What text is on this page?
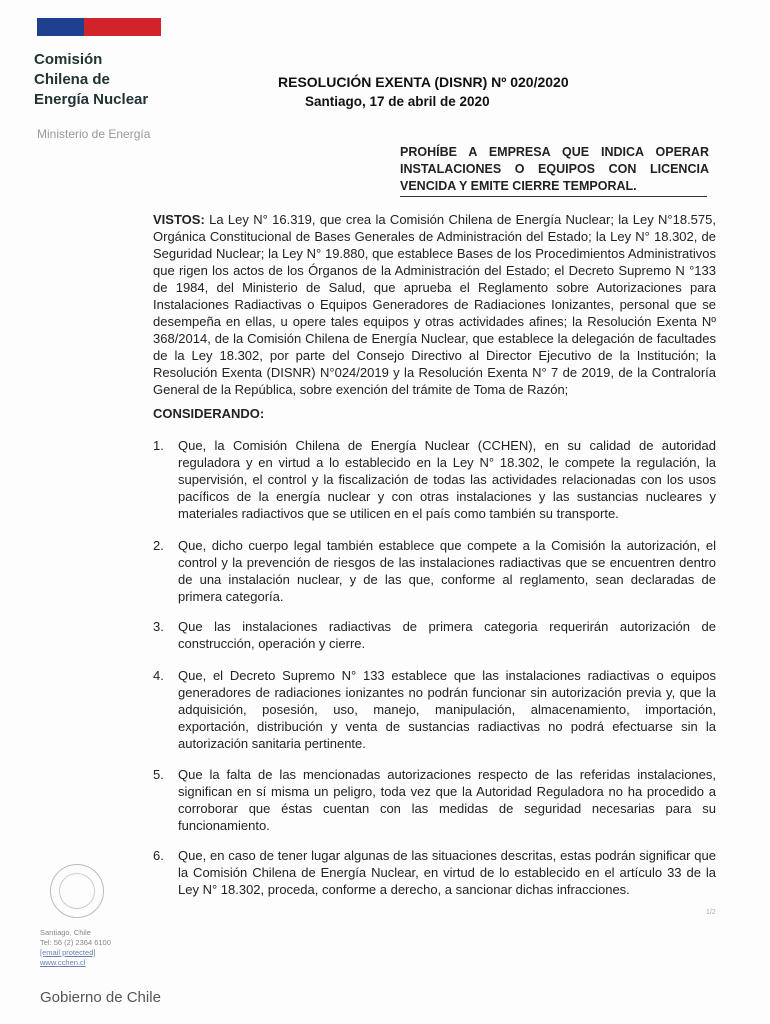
Comisión
Chilena de
Energía Nuclear
Ministerio de Energía
RESOLUCIÓN EXENTA (DISNR) Nº 020/2020
Santiago, 17 de abril de 2020
PROHÍBE A EMPRESA QUE INDICA OPERAR
INSTALACIONES O EQUIPOS CON LICENCIA
VENCIDA Y EMITE CIERRE TEMPORAL.
VISTOS: La Ley N° 16.319, que crea la Comisión Chilena de Energía Nuclear; la Ley N°18.575, Orgánica Constitucional de Bases Generales de Administración del Estado; la Ley N° 18.302, de Seguridad Nuclear; la Ley N° 19.880, que establece Bases de los Procedimientos Administrativos que rigen los actos de los Órganos de la Administración del Estado; el Decreto Supremo N °133 de 1984, del Ministerio de Salud, que aprueba el Reglamento sobre Autorizaciones para Instalaciones Radiactivas o Equipos Generadores de Radiaciones Ionizantes, personal que se desempeña en ellas, u opere tales equipos y otras actividades afines; la Resolución Exenta Nº 368/2014, de la Comisión Chilena de Energía Nuclear, que establece la delegación de facultades de la Ley 18.302, por parte del Consejo Directivo al Director Ejecutivo de la Institución; la Resolución Exenta (DISNR) N°024/2019 y la Resolución Exenta N° 7 de 2019, de la Contraloría General de la República, sobre exención del trámite de Toma de Razón;
CONSIDERANDO:
1.	Que, la Comisión Chilena de Energía Nuclear (CCHEN), en su calidad de autoridad reguladora y en virtud a lo establecido en la Ley N° 18.302, le compete la regulación, la supervisión, el control y la fiscalización de todas las actividades relacionadas con los usos pacíficos de la energía nuclear y con otras instalaciones y las sustancias nucleares y materiales radiactivos que se utilicen en el país como también su transporte.
2.	Que, dicho cuerpo legal también establece que compete a la Comisión la autorización, el control y la prevención de riesgos de las instalaciones radiactivas que se encuentren dentro de una instalación nuclear, y de las que, conforme al reglamento, sean declaradas de primera categoría.
3.	Que las instalaciones radiactivas de primera categoria requerirán autorización de construcción, operación y cierre.
4.	Que, el Decreto Supremo N° 133 establece que las instalaciones radiactivas o equipos generadores de radiaciones ionizantes no podrán funcionar sin autorización previa y, que la adquisición, posesión, uso, manejo, manipulación, almacenamiento, importación, exportación, distribución y venta de sustancias radiactivas no podrá efectuarse sin la autorización sanitaria pertinente.
5.	Que la falta de las mencionadas autorizaciones respecto de las referidas instalaciones, significan en sí misma un peligro, toda vez que la Autoridad Reguladora no ha procedido a corroborar que éstas cuentan con las medidas de seguridad necesarias para su funcionamiento.
6.	Que, en caso de tener lugar algunas de las situaciones descritas, estas podrán significar que la Comisión Chilena de Energía Nuclear, en virtud de lo establecido en el artículo 33 de la Ley N° 18.302, proceda, conforme a derecho, a sancionar dichas infracciones.
1/2
Santiago, Chile
Tel: 56 (2) 2364 6100
[email protected]
www.cchen.cl
Gobierno de Chile
